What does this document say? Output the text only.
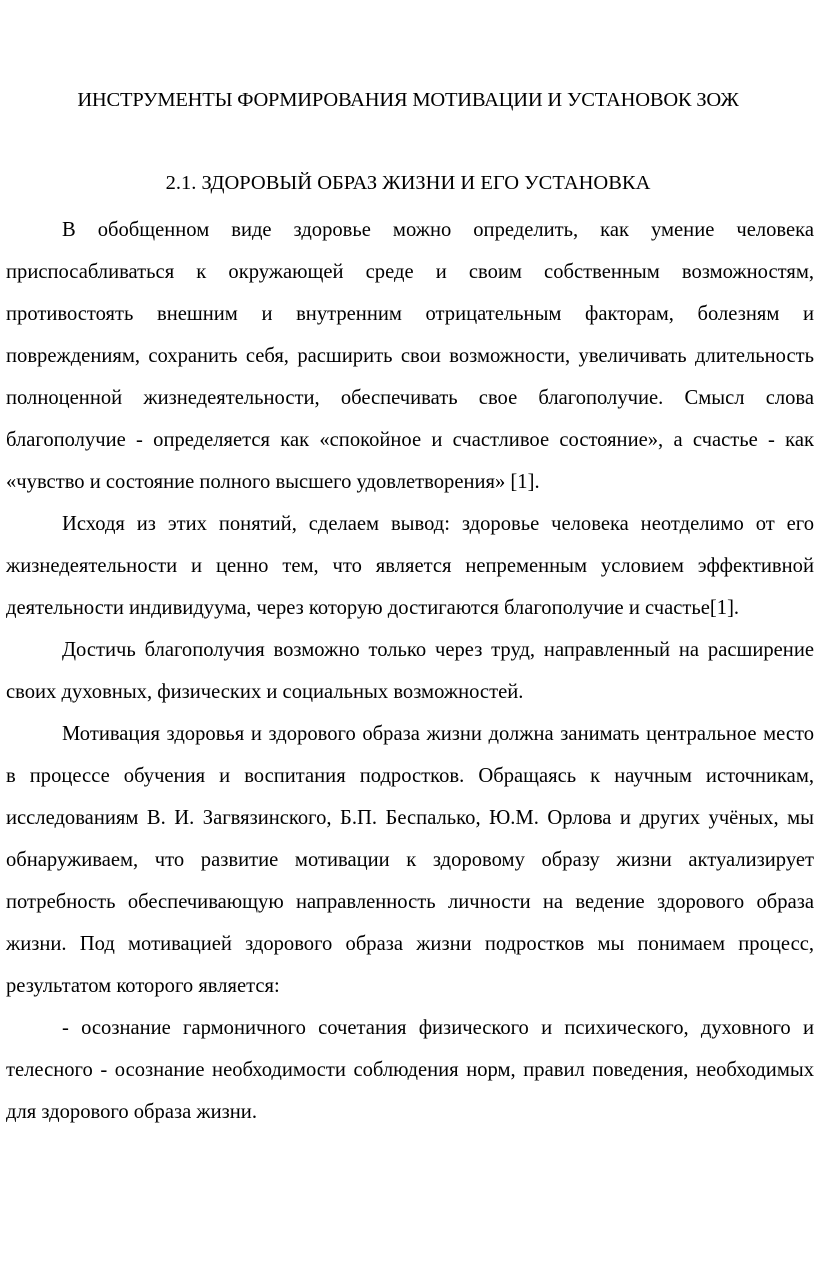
ИНСТРУМЕНТЫ ФОРМИРОВАНИЯ МОТИВАЦИИ И УСТАНОВОК ЗОЖ
2.1. ЗДОРОВЫЙ ОБРАЗ ЖИЗНИ И ЕГО УСТАНОВКА

В обобщенном виде здоровье можно определить, как умение человека приспосабливаться к окружающей среде и своим собственным возможностям, противостоять внешним и внутренним отрицательным факторам, болезням и повреждениям, сохранить себя, расширить свои возможности, увеличивать длительность полноценной жизнедеятельности, обеспечивать свое благополучие. Смысл слова благополучие - определяется как «спокойное и счастливое состояние», а счастье - как «чувство и состояние полного высшего удовлетворения» [1].

Исходя из этих понятий, сделаем вывод: здоровье человека неотделимо от его жизнедеятельности и ценно тем, что является непременным условием эффективной деятельности индивидуума, через которую достигаются благополучие и счастье[1].

Достичь благополучия возможно только через труд, направленный на расширение своих духовных, физических и социальных возможностей.

Мотивация здоровья и здорового образа жизни должна занимать центральное место в процессе обучения и воспитания подростков. Обращаясь к научным источникам, исследованиям В. И. Загвязинского, Б.П. Беспалько, Ю.М. Орлова и других учёных, мы обнаруживаем, что развитие мотивации к здоровому образу жизни актуализирует потребность обеспечивающую направленность личности на ведение здорового образа жизни. Под мотивацией здорового образа жизни подростков мы понимаем процесс, результатом которого является:

- осознание гармоничного сочетания физического и психического, духовного и телесного - осознание необходимости соблюдения норм, правил поведения, необходимых для здорового образа жизни.
